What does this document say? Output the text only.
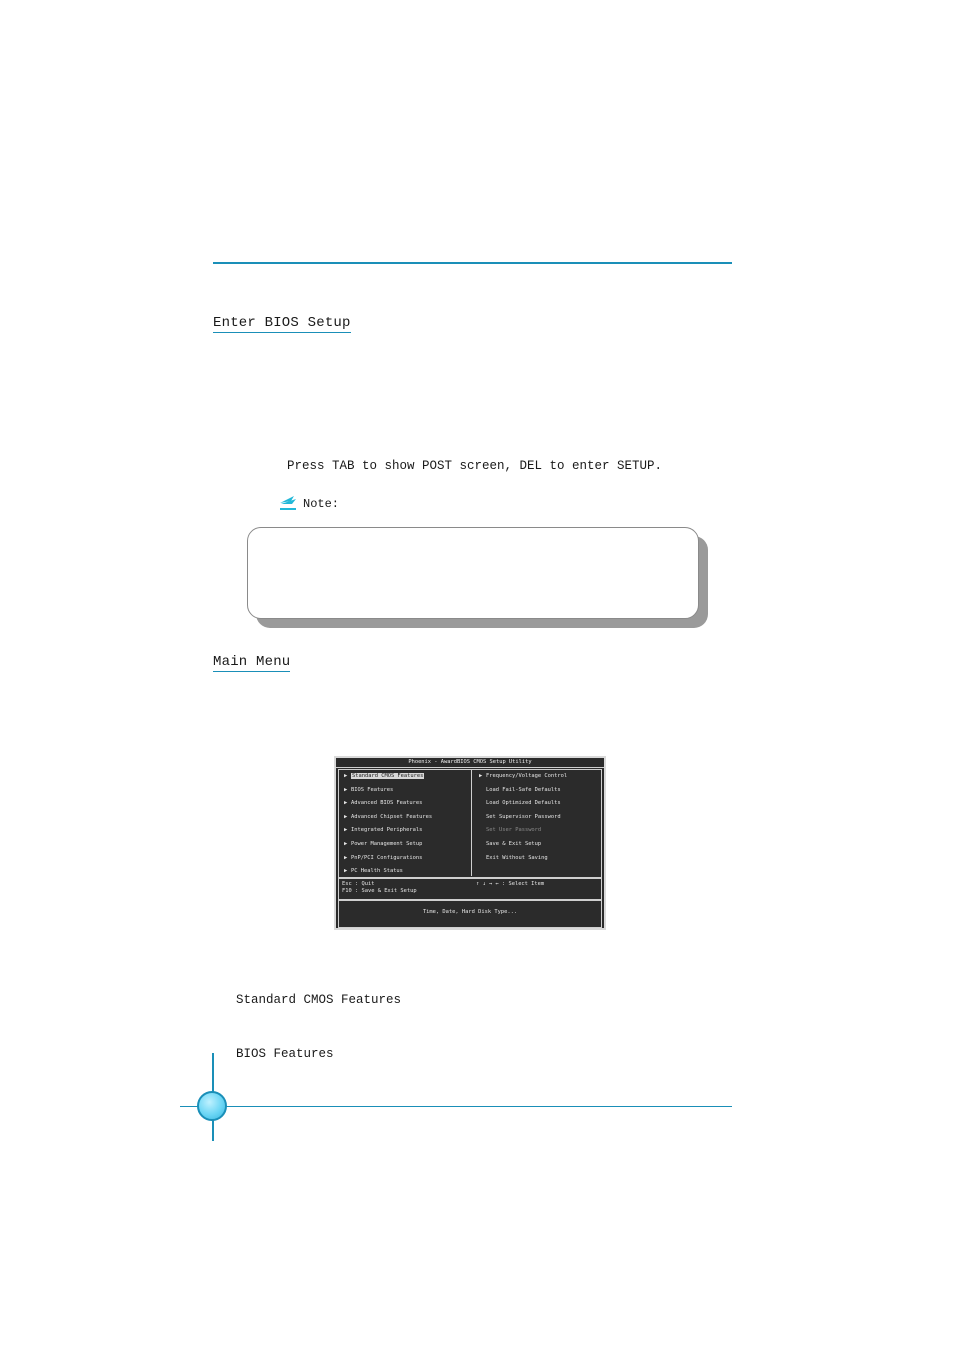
Enter BIOS Setup
Press TAB to show POST screen, DEL to enter SETUP.
Note:
Main Menu
Phoenix - AwardBIOS CMOS Setup Utility
▶ Standard CMOS Features
▶ BIOS Features
▶ Advanced BIOS Features
▶ Advanced Chipset Features
▶ Integrated Peripherals
▶ Power Management Setup
▶ PnP/PCI Configurations
▶ PC Health Status
▶ Frequency/Voltage Control
Load Fail-Safe Defaults
Load Optimized Defaults
Set Supervisor Password
Set User Password
Save & Exit Setup
Exit Without Saving
Esc : Quit
F10 : Save & Exit Setup
↑ ↓ → ← : Select Item
Time, Date, Hard Disk Type...
Standard CMOS Features
BIOS Features
